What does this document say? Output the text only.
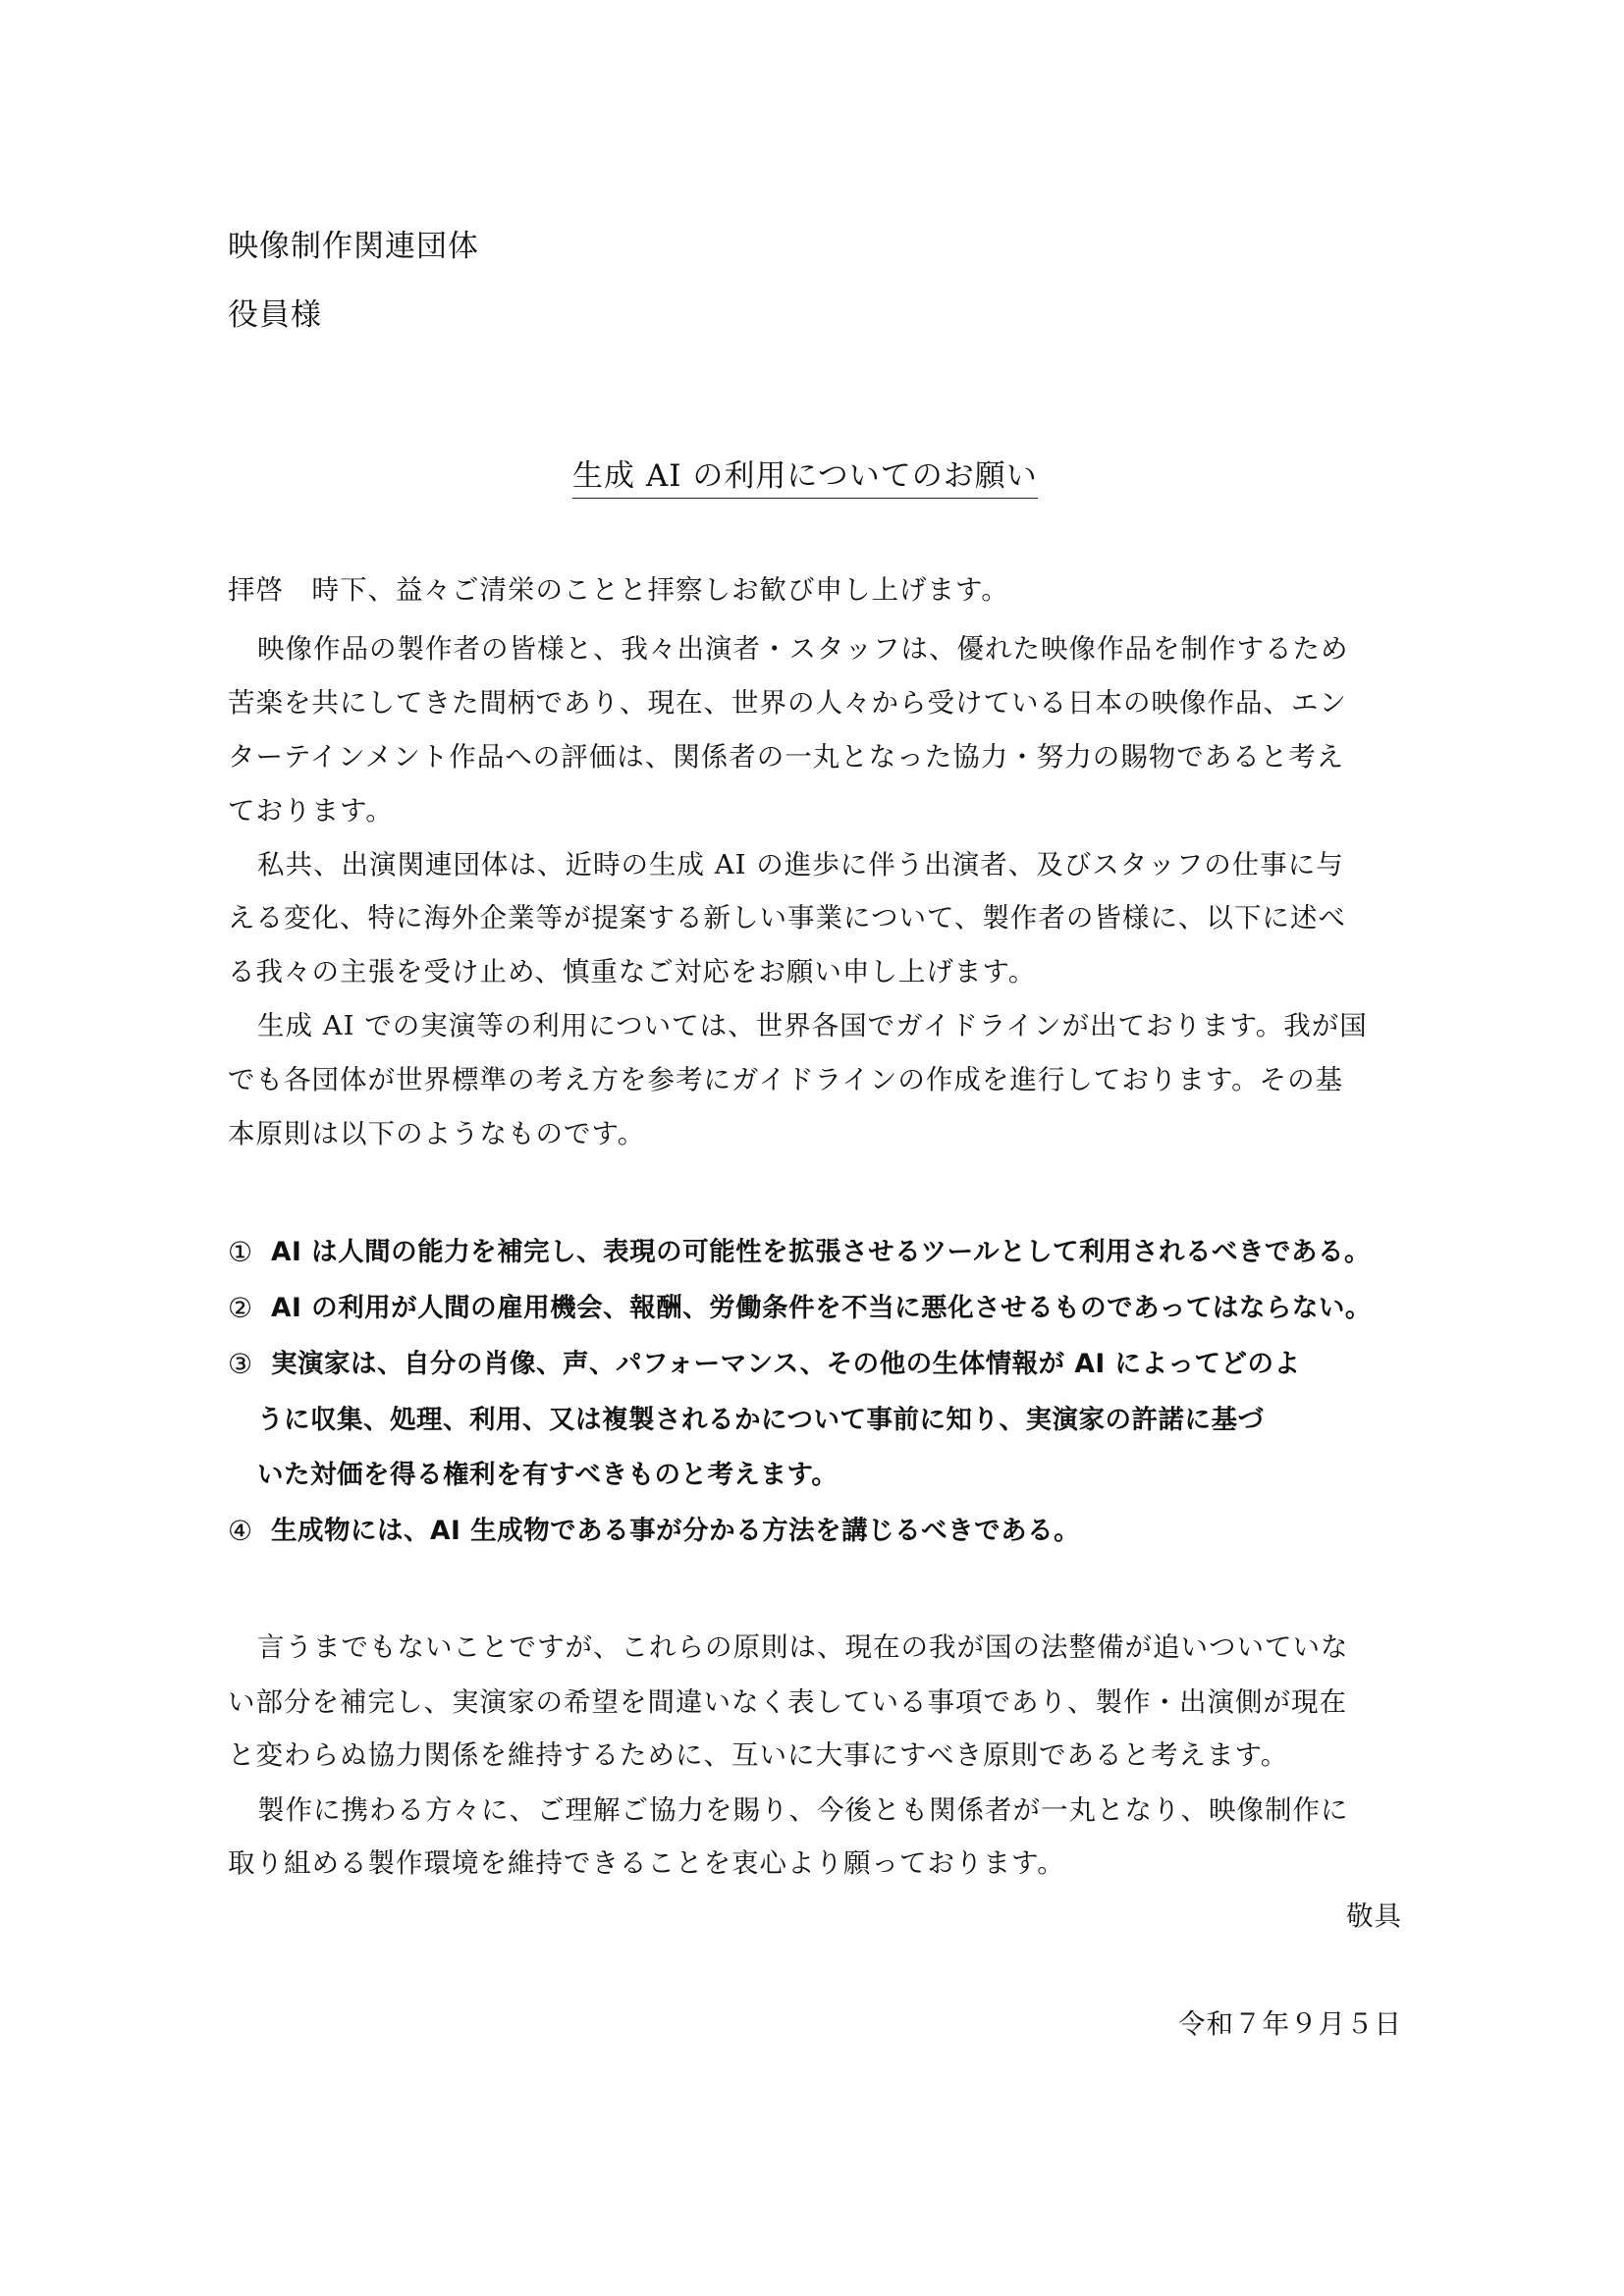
映像制作関連団体
役員様
生成 AI の利用についてのお願い
拝啓　時下、益々ご清栄のことと拝察しお歓び申し上げます。
映像作品の製作者の皆様と、我々出演者・スタッフは、優れた映像作品を制作するため
苦楽を共にしてきた間柄であり、現在、世界の人々から受けている日本の映像作品、エン
ターテインメント作品への評価は、関係者の一丸となった協力・努力の賜物であると考え
ております。
私共、出演関連団体は、近時の生成 AI の進歩に伴う出演者、及びスタッフの仕事に与
える変化、特に海外企業等が提案する新しい事業について、製作者の皆様に、以下に述べ
る我々の主張を受け止め、慎重なご対応をお願い申し上げます。
生成 AI での実演等の利用については、世界各国でガイドラインが出ております。我が国
でも各団体が世界標準の考え方を参考にガイドラインの作成を進行しております。その基
本原則は以下のようなものです。
① AI は人間の能力を補完し、表現の可能性を拡張させるツールとして利用されるべきである。
② AI の利用が人間の雇用機会、報酬、労働条件を不当に悪化させるものであってはならない。
③ 実演家は、自分の肖像、声、パフォーマンス、その他の生体情報が AI によってどのよ
うに収集、処理、利用、又は複製されるかについて事前に知り、実演家の許諾に基づ
いた対価を得る権利を有すべきものと考えます。
④ 生成物には、AI 生成物である事が分かる方法を講じるべきである。
言うまでもないことですが、これらの原則は、現在の我が国の法整備が追いついていな
い部分を補完し、実演家の希望を間違いなく表している事項であり、製作・出演側が現在
と変わらぬ協力関係を維持するために、互いに大事にすべき原則であると考えます。
製作に携わる方々に、ご理解ご協力を賜り、今後とも関係者が一丸となり、映像制作に
取り組める製作環境を維持できることを衷心より願っております。
敬具
令和７年９月５日
